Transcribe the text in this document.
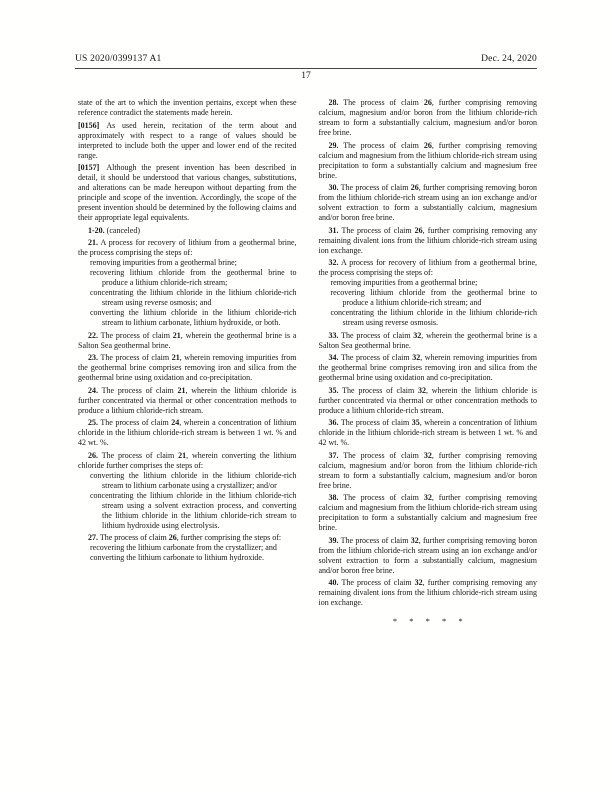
US 2020/0399137 A1	Dec. 24, 2020
17
state of the art to which the invention pertains, except when these reference contradict the statements made herein.
[0156] As used herein, recitation of the term about and approximately with respect to a range of values should be interpreted to include both the upper and lower end of the recited range.
[0157] Although the present invention has been described in detail, it should be understood that various changes, substitutions, and alterations can be made hereupon without departing from the principle and scope of the invention. Accordingly, the scope of the present invention should be determined by the following claims and their appropriate legal equivalents.
1-20. (canceled)
21. A process for recovery of lithium from a geothermal brine, the process comprising the steps of:
removing impurities from a geothermal brine;
recovering lithium chloride from the geothermal brine to produce a lithium chloride-rich stream;
concentrating the lithium chloride in the lithium chloride-rich stream using reverse osmosis; and
converting the lithium chloride in the lithium chloride-rich stream to lithium carbonate, lithium hydroxide, or both.
22. The process of claim 21, wherein the geothermal brine is a Salton Sea geothermal brine.
23. The process of claim 21, wherein removing impurities from the geothermal brine comprises removing iron and silica from the geothermal brine using oxidation and co-precipitation.
24. The process of claim 21, wherein the lithium chloride is further concentrated via thermal or other concentration methods to produce a lithium chloride-rich stream.
25. The process of claim 24, wherein a concentration of lithium chloride in the lithium chloride-rich stream is between 1 wt. % and 42 wt. %.
26. The process of claim 21, wherein converting the lithium chloride further comprises the steps of:
converting the lithium chloride in the lithium chloride-rich stream to lithium carbonate using a crystallizer; and/or
concentrating the lithium chloride in the lithium chloride-rich stream using a solvent extraction process, and converting the lithium chloride in the lithium chloride-rich stream to lithium hydroxide using electrolysis.
27. The process of claim 26, further comprising the steps of:
recovering the lithium carbonate from the crystallizer; and
converting the lithium carbonate to lithium hydroxide.
28. The process of claim 26, further comprising removing calcium, magnesium and/or boron from the lithium chloride-rich stream to form a substantially calcium, magnesium and/or boron free brine.
29. The process of claim 26, further comprising removing calcium and magnesium from the lithium chloride-rich stream using precipitation to form a substantially calcium and magnesium free brine.
30. The process of claim 26, further comprising removing boron from the lithium chloride-rich stream using an ion exchange and/or solvent extraction to form a substantially calcium, magnesium and/or boron free brine.
31. The process of claim 26, further comprising removing any remaining divalent ions from the lithium chloride-rich stream using ion exchange.
32. A process for recovery of lithium from a geothermal brine, the process comprising the steps of:
removing impurities from a geothermal brine;
recovering lithium chloride from the geothermal brine to produce a lithium chloride-rich stream; and
concentrating the lithium chloride in the lithium chloride-rich stream using reverse osmosis.
33. The process of claim 32, wherein the geothermal brine is a Salton Sea geothermal brine.
34. The process of claim 32, wherein removing impurities from the geothermal brine comprises removing iron and silica from the geothermal brine using oxidation and co-precipitation.
35. The process of claim 32, wherein the lithium chloride is further concentrated via thermal or other concentration methods to produce a lithium chloride-rich stream.
36. The process of claim 35, wherein a concentration of lithium chloride in the lithium chloride-rich stream is between 1 wt. % and 42 wt. %.
37. The process of claim 32, further comprising removing calcium, magnesium and/or boron from the lithium chloride-rich stream to form a substantially calcium, magnesium and/or boron free brine.
38. The process of claim 32, further comprising removing calcium and magnesium from the lithium chloride-rich stream using precipitation to form a substantially calcium and magnesium free brine.
39. The process of claim 32, further comprising removing boron from the lithium chloride-rich stream using an ion exchange and/or solvent extraction to form a substantially calcium, magnesium and/or boron free brine.
40. The process of claim 32, further comprising removing any remaining divalent ions from the lithium chloride-rich stream using ion exchange.
* * * * *
